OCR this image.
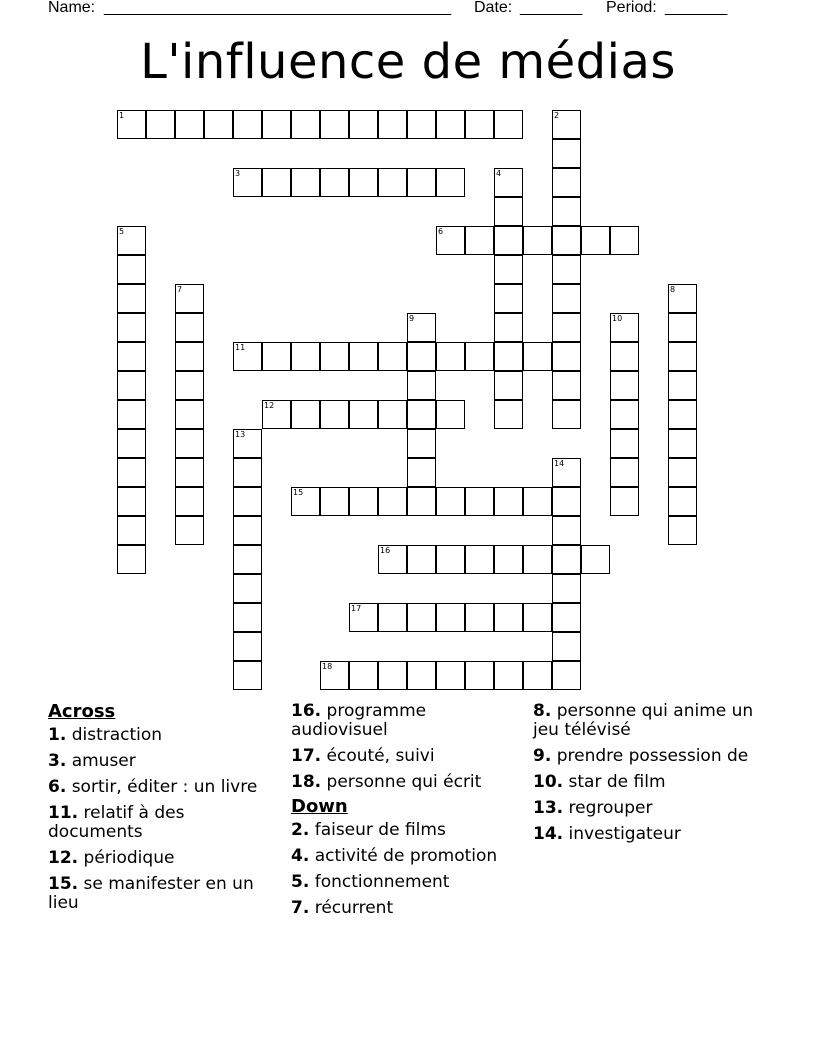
Name: _______________________________________ Date: _______ Period: _______
L'influence de médias
1
3
6
11
12
15
16
17
18
2
4
5
7	8
9	10
13
14
Across
1. distraction
3. amuser
6. sortir, éditer : un livre
11. relatif à des documents
12. périodique
15. se manifester en un lieu
16. programme audiovisuel
17. écouté, suivi
18. personne qui écrit
Down
2. faiseur de films
4. activité de promotion
5. fonctionnement
7. récurrent
8. personne qui anime un jeu télévisé
9. prendre possession de
10. star de film
13. regrouper
14. investigateur
